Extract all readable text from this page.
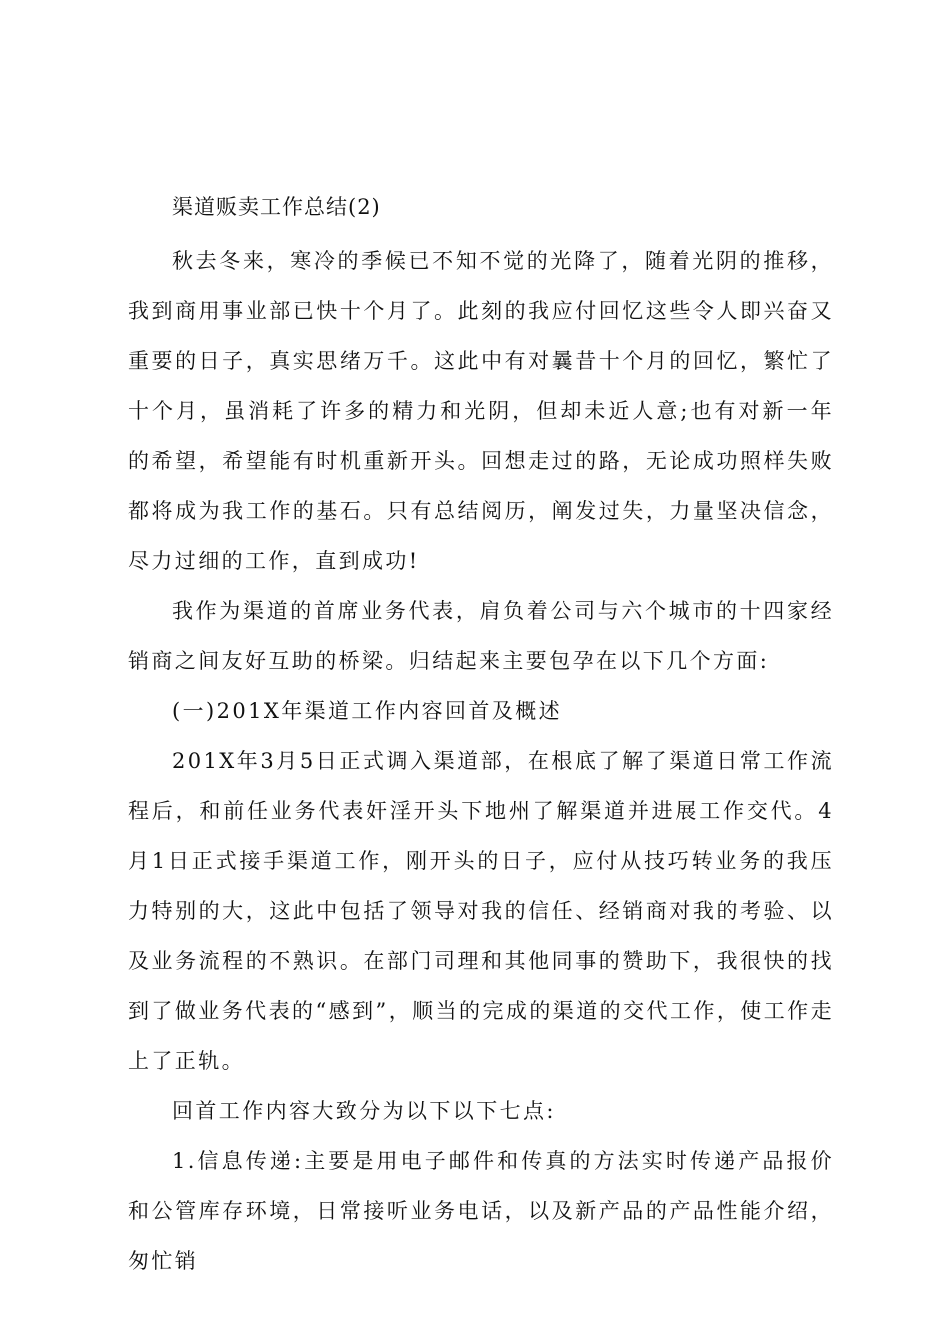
渠道贩卖工作总结(2)

秋去冬来，寒冷的季候已不知不觉的光降了，随着光阴的推移，我到商用事业部已快十个月了。此刻的我应付回忆这些令人即兴奋又重要的日子，真实思绪万千。这此中有对曩昔十个月的回忆，繁忙了十个月，虽消耗了许多的精力和光阴，但却未近人意;也有对新一年的希望，希望能有时机重新开头。回想走过的路，无论成功照样失败都将成为我工作的基石。只有总结阅历，阐发过失，力量坚决信念，尽力过细的工作，直到成功!

我作为渠道的首席业务代表，肩负着公司与六个城市的十四家经销商之间友好互助的桥梁。归结起来主要包孕在以下几个方面:

(一)201X年渠道工作内容回首及概述

201X年3月5日正式调入渠道部，在根底了解了渠道日常工作流程后，和前任业务代表奸淫开头下地州了解渠道并进展工作交代。4月1日正式接手渠道工作，刚开头的日子，应付从技巧转业务的我压力特别的大，这此中包括了领导对我的信任、经销商对我的考验、以及业务流程的不熟识。在部门司理和其他同事的赞助下，我很快的找到了做业务代表的“感到”，顺当的完成的渠道的交代工作，使工作走上了正轨。

回首工作内容大致分为以下以下七点:

1.信息传递:主要是用电子邮件和传真的方法实时传递产品报价和公管库存环境，日常接听业务电话，以及新产品的产品性能介绍，匆忙销
